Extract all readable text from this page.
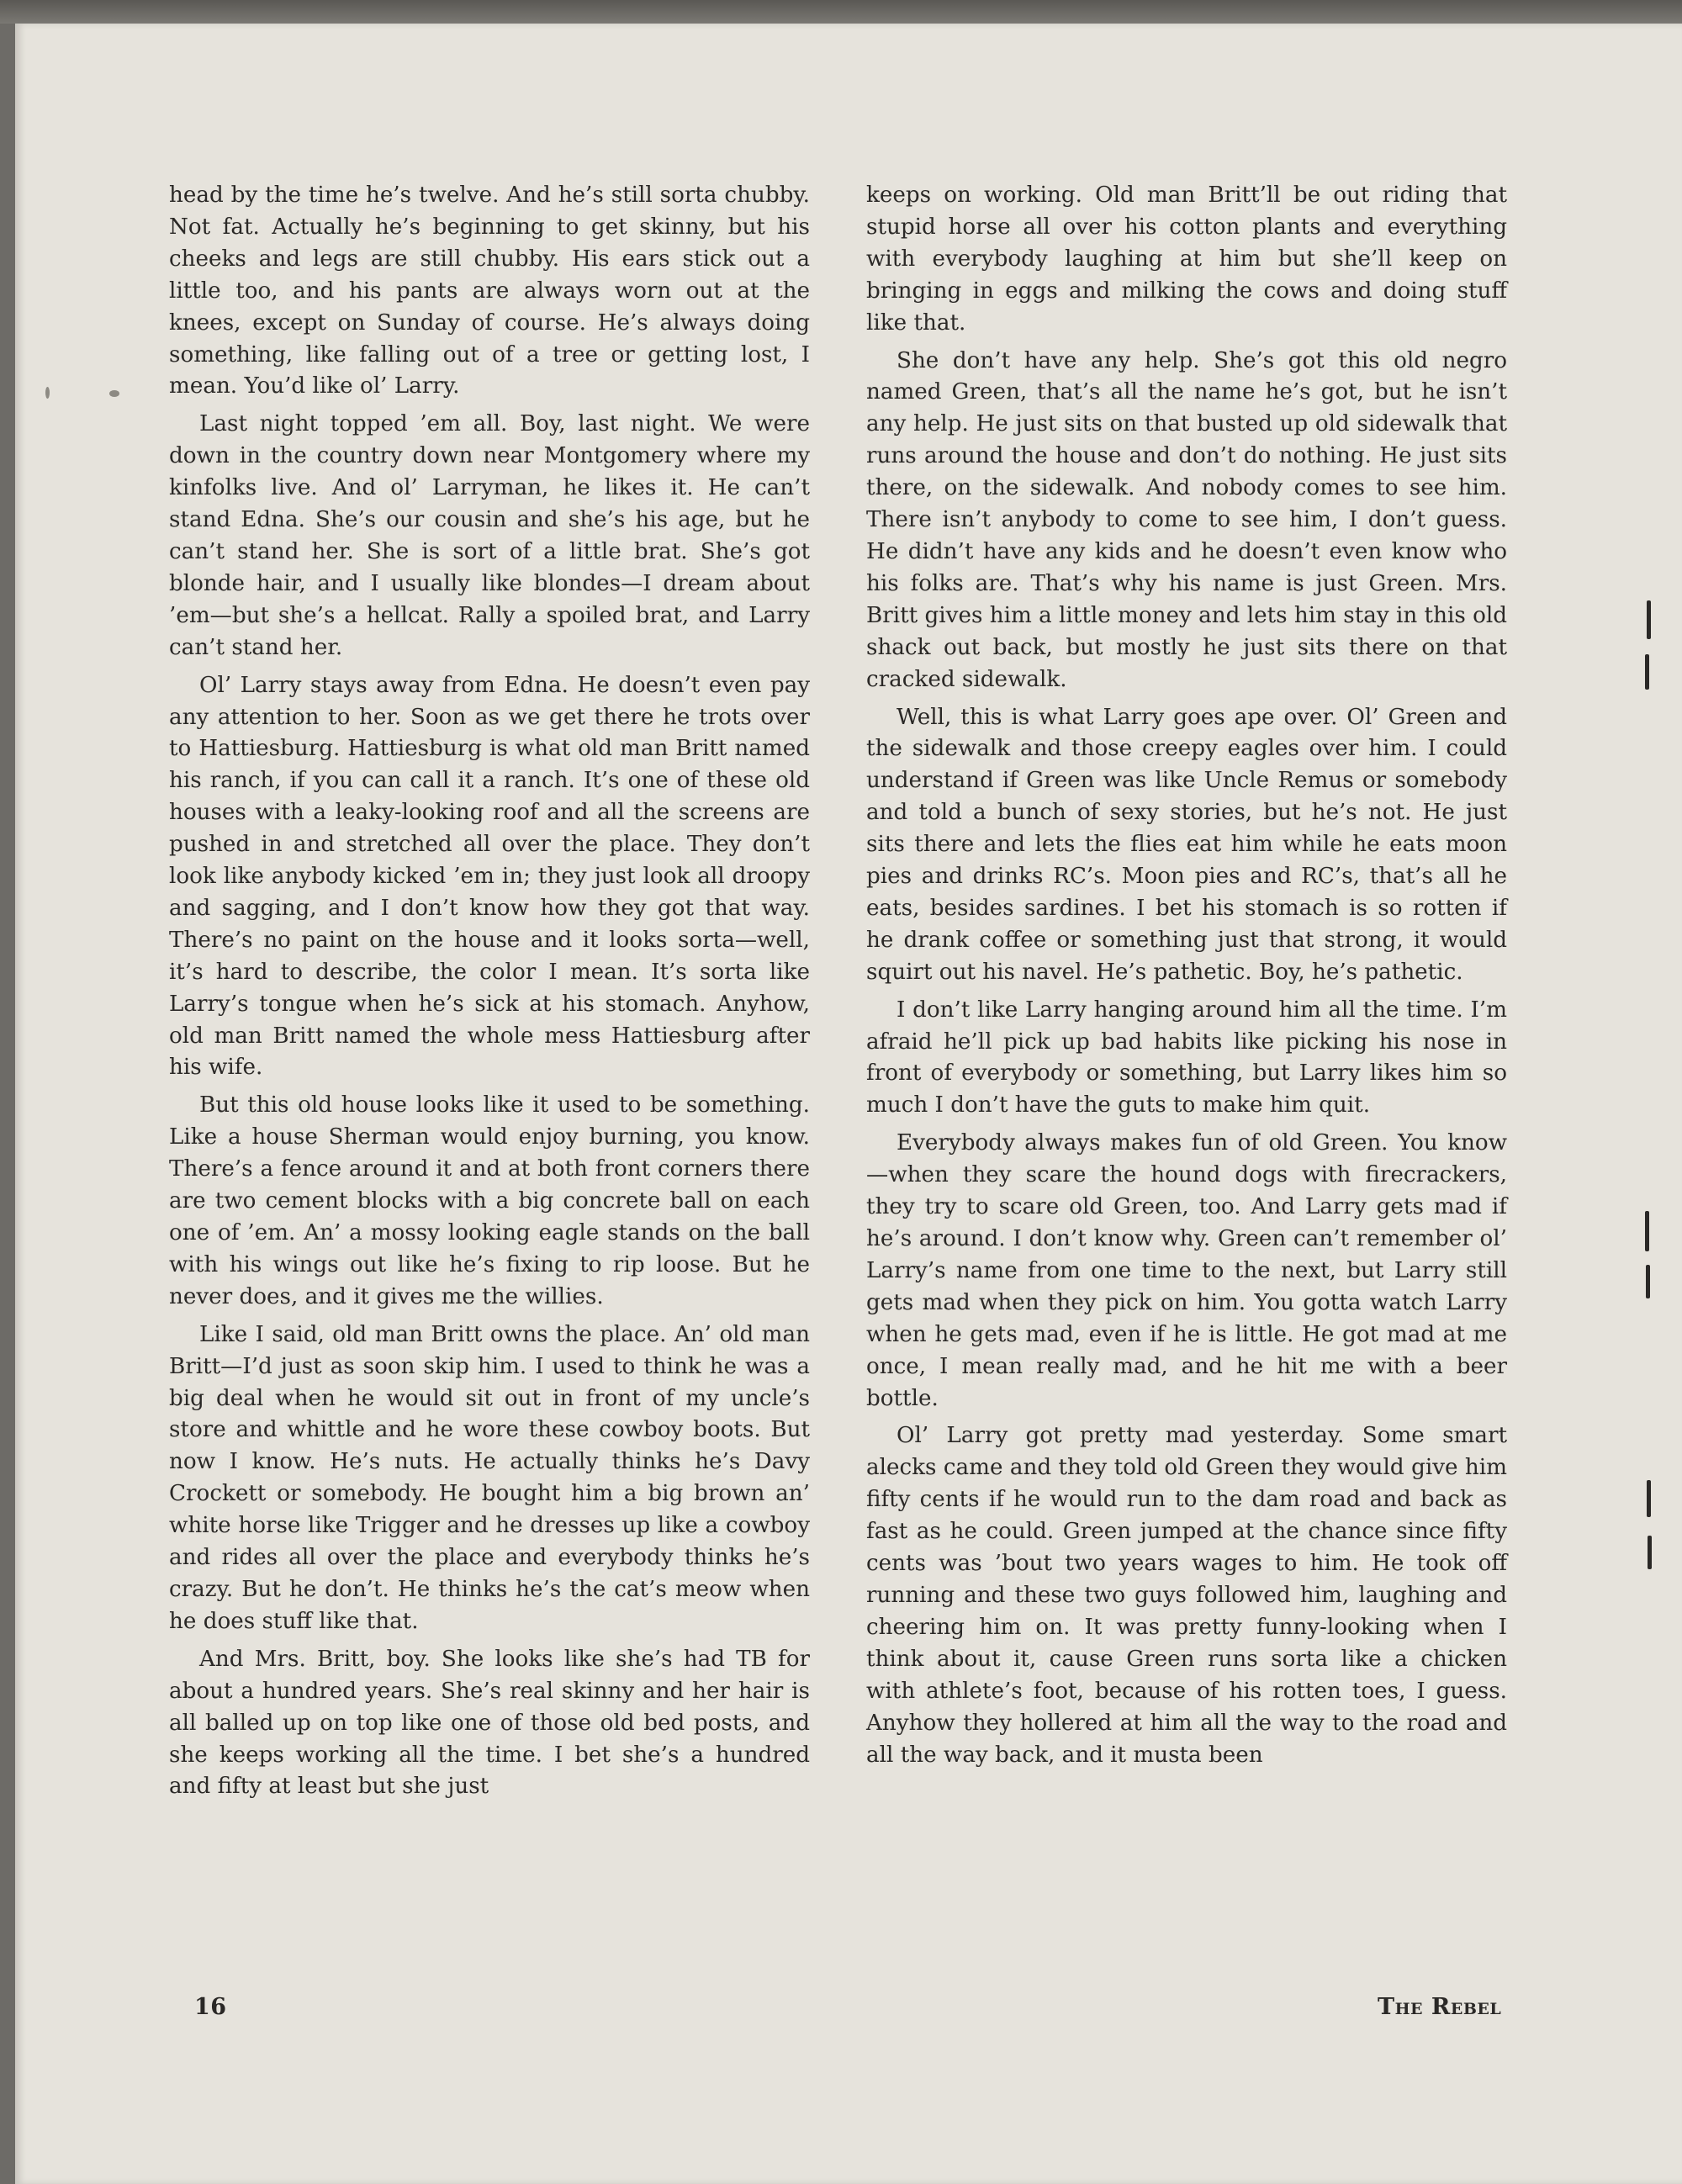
head by the time he’s twelve. And he’s still sorta chubby. Not fat. Actually he’s beginning to get skinny, but his cheeks and legs are still chubby. His ears stick out a little too, and his pants are always worn out at the knees, except on Sunday of course. He’s always doing something, like falling out of a tree or getting lost, I mean. You’d like ol’ Larry.

Last night topped ’em all. Boy, last night. We were down in the country down near Montgomery where my kinfolks live. And ol’ Larryman, he likes it. He can’t stand Edna. She’s our cousin and she’s his age, but he can’t stand her. She is sort of a little brat. She’s got blonde hair, and I usually like blondes—I dream about ’em—but she’s a hellcat. Rally a spoiled brat, and Larry can’t stand her.

Ol’ Larry stays away from Edna. He doesn’t even pay any attention to her. Soon as we get there he trots over to Hattiesburg. Hattiesburg is what old man Britt named his ranch, if you can call it a ranch. It’s one of these old houses with a leaky-looking roof and all the screens are pushed in and stretched all over the place. They don’t look like anybody kicked ’em in; they just look all droopy and sagging, and I don’t know how they got that way. There’s no paint on the house and it looks sorta—well, it’s hard to describe, the color I mean. It’s sorta like Larry’s tongue when he’s sick at his stomach. Anyhow, old man Britt named the whole mess Hattiesburg after his wife.

But this old house looks like it used to be something. Like a house Sherman would enjoy burning, you know. There’s a fence around it and at both front corners there are two cement blocks with a big concrete ball on each one of ’em. An’ a mossy looking eagle stands on the ball with his wings out like he’s fixing to rip loose. But he never does, and it gives me the willies.

Like I said, old man Britt owns the place. An’ old man Britt—I’d just as soon skip him. I used to think he was a big deal when he would sit out in front of my uncle’s store and whittle and he wore these cowboy boots. But now I know. He’s nuts. He actually thinks he’s Davy Crockett or somebody. He bought him a big brown an’ white horse like Trigger and he dresses up like a cowboy and rides all over the place and everybody thinks he’s crazy. But he don’t. He thinks he’s the cat’s meow when he does stuff like that.

And Mrs. Britt, boy. She looks like she’s had TB for about a hundred years. She’s real skinny and her hair is all balled up on top like one of those old bed posts, and she keeps working all the time. I bet she’s a hundred and fifty at least but she just

keeps on working. Old man Britt’ll be out riding that stupid horse all over his cotton plants and everything with everybody laughing at him but she’ll keep on bringing in eggs and milking the cows and doing stuff like that.

She don’t have any help. She’s got this old negro named Green, that’s all the name he’s got, but he isn’t any help. He just sits on that busted up old sidewalk that runs around the house and don’t do nothing. He just sits there, on the sidewalk. And nobody comes to see him. There isn’t anybody to come to see him, I don’t guess. He didn’t have any kids and he doesn’t even know who his folks are. That’s why his name is just Green. Mrs. Britt gives him a little money and lets him stay in this old shack out back, but mostly he just sits there on that cracked sidewalk.

Well, this is what Larry goes ape over. Ol’ Green and the sidewalk and those creepy eagles over him. I could understand if Green was like Uncle Remus or somebody and told a bunch of sexy stories, but he’s not. He just sits there and lets the flies eat him while he eats moon pies and drinks RC’s. Moon pies and RC’s, that’s all he eats, besides sardines. I bet his stomach is so rotten if he drank coffee or something just that strong, it would squirt out his navel. He’s pathetic. Boy, he’s pathetic.

I don’t like Larry hanging around him all the time. I’m afraid he’ll pick up bad habits like picking his nose in front of everybody or something, but Larry likes him so much I don’t have the guts to make him quit.

Everybody always makes fun of old Green. You know—when they scare the hound dogs with firecrackers, they try to scare old Green, too. And Larry gets mad if he’s around. I don’t know why. Green can’t remember ol’ Larry’s name from one time to the next, but Larry still gets mad when they pick on him. You gotta watch Larry when he gets mad, even if he is little. He got mad at me once, I mean really mad, and he hit me with a beer bottle.

Ol’ Larry got pretty mad yesterday. Some smart alecks came and they told old Green they would give him fifty cents if he would run to the dam road and back as fast as he could. Green jumped at the chance since fifty cents was ’bout two years wages to him. He took off running and these two guys followed him, laughing and cheering him on. It was pretty funny-looking when I think about it, cause Green runs sorta like a chicken with athlete’s foot, because of his rotten toes, I guess. Anyhow they hollered at him all the way to the road and all the way back, and it musta been

16	The Rebel
